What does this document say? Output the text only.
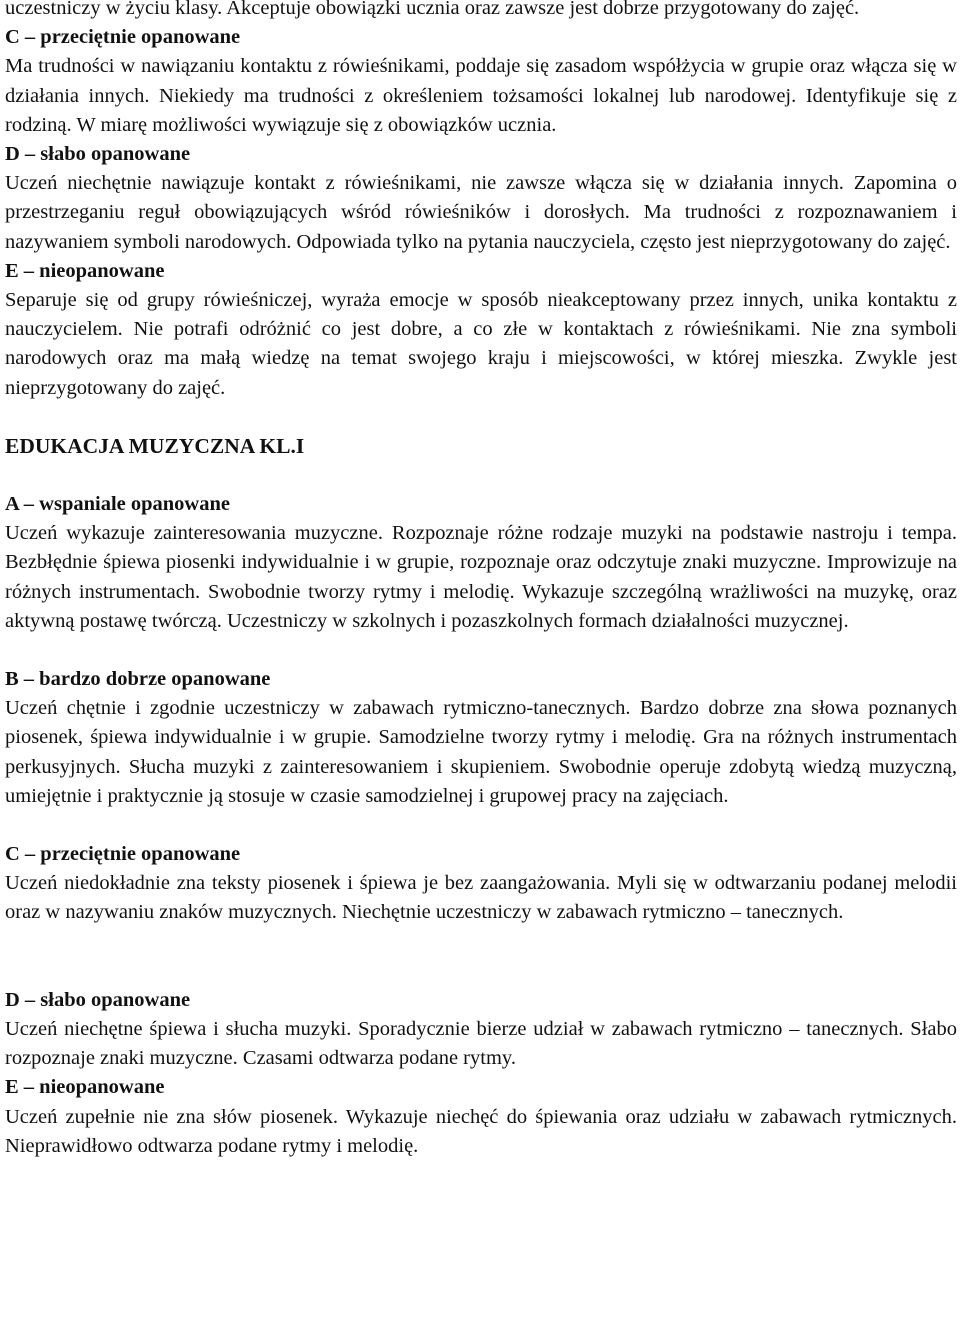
uczestniczy w życiu klasy. Akceptuje obowiązki ucznia oraz zawsze jest dobrze przygotowany do zajęć.

C – przeciętnie opanowane

Ma trudności w nawiązaniu kontaktu z rówieśnikami, poddaje się zasadom współżycia w grupie oraz włącza się w działania innych. Niekiedy ma trudności z określeniem tożsamości lokalnej lub narodowej. Identyfikuje się z rodziną. W miarę możliwości wywiązuje się z obowiązków ucznia.

D – słabo opanowane

Uczeń niechętnie nawiązuje kontakt z rówieśnikami, nie zawsze włącza się w działania innych. Zapomina o przestrzeganiu reguł obowiązujących wśród rówieśników i dorosłych. Ma trudności z rozpoznawaniem i nazywaniem symboli narodowych. Odpowiada tylko na pytania nauczyciela, często jest nieprzygotowany do zajęć.

E – nieopanowane

Separuje się od grupy rówieśniczej, wyraża emocje w sposób nieakceptowany przez innych, unika kontaktu z nauczycielem. Nie potrafi odróżnić co jest dobre, a co złe w kontaktach z rówieśnikami. Nie zna symboli narodowych oraz ma małą wiedzę na temat swojego kraju i miejscowości, w której mieszka. Zwykle jest nieprzygotowany do zajęć.

EDUKACJA MUZYCZNA KL.I

A – wspaniale opanowane

Uczeń wykazuje zainteresowania muzyczne. Rozpoznaje różne rodzaje muzyki na podstawie nastroju i tempa. Bezbłędnie śpiewa piosenki indywidualnie i w grupie, rozpoznaje oraz odczytuje znaki muzyczne. Improwizuje na różnych instrumentach. Swobodnie tworzy rytmy i melodię. Wykazuje szczególną wrażliwości na muzykę, oraz aktywną postawę twórczą. Uczestniczy w szkolnych i pozaszkolnych formach działalności muzycznej.

B – bardzo dobrze opanowane

Uczeń chętnie i zgodnie uczestniczy w zabawach rytmiczno-tanecznych. Bardzo dobrze zna słowa poznanych piosenek, śpiewa indywidualnie i w grupie. Samodzielne tworzy rytmy i melodię. Gra na różnych instrumentach perkusyjnych. Słucha muzyki z zainteresowaniem i skupieniem. Swobodnie operuje zdobytą wiedzą muzyczną, umiejętnie i praktycznie ją stosuje w czasie samodzielnej i grupowej pracy na zajęciach.

C – przeciętnie opanowane

Uczeń niedokładnie zna teksty piosenek i śpiewa je bez zaangażowania. Myli się w odtwarzaniu podanej melodii oraz w nazywaniu znaków muzycznych. Niechętnie uczestniczy w zabawach rytmiczno – tanecznych.

D – słabo opanowane

Uczeń niechętne śpiewa i słucha muzyki. Sporadycznie bierze udział w zabawach rytmiczno – tanecznych. Słabo rozpoznaje znaki muzyczne. Czasami odtwarza podane rytmy.

E – nieopanowane

Uczeń zupełnie nie zna słów piosenek. Wykazuje niechęć do śpiewania oraz udziału w zabawach rytmicznych. Nieprawidłowo odtwarza podane rytmy i melodię.
